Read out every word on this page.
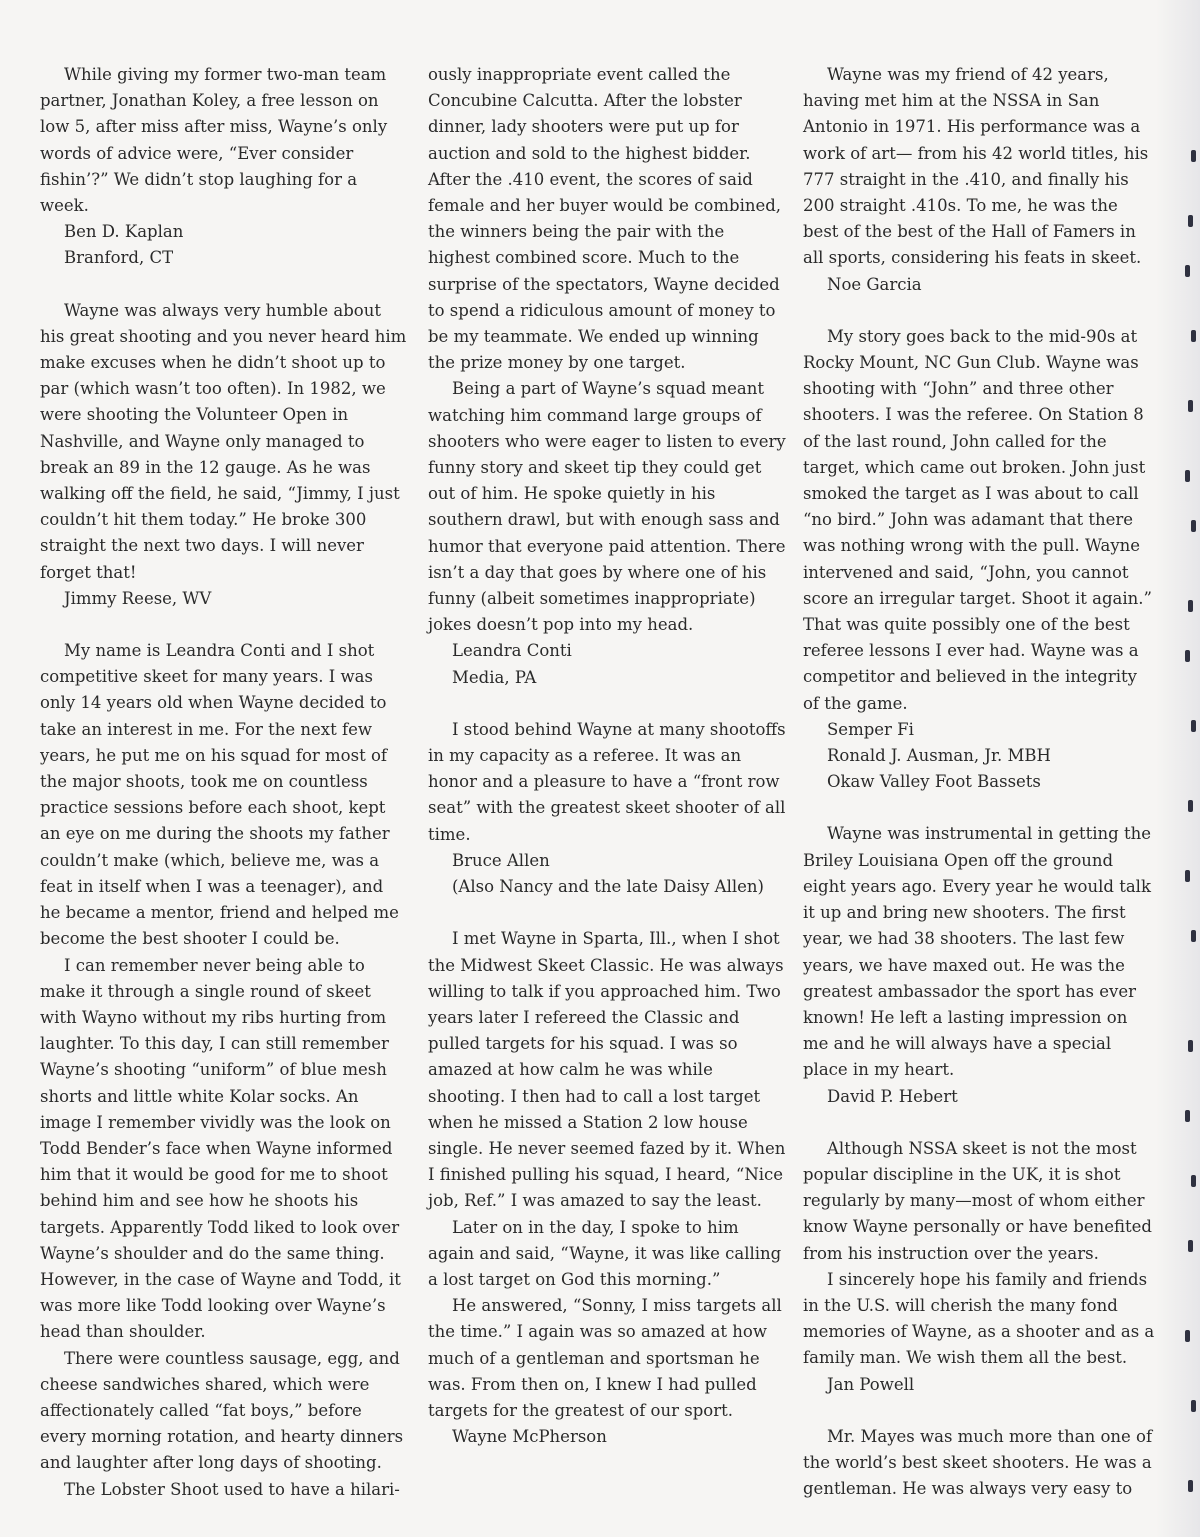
While giving my former two-man team partner, Jonathan Koley, a free lesson on low 5, after miss after miss, Wayne’s only words of advice were, “Ever consider fishin’?” We didn’t stop laughing for a week.
Ben D. Kaplan
Branford, CT
Wayne was always very humble about his great shooting and you never heard him make excuses when he didn’t shoot up to par (which wasn’t too often). In 1982, we were shooting the Volunteer Open in Nashville, and Wayne only managed to break an 89 in the 12 gauge. As he was walking off the field, he said, “Jimmy, I just couldn’t hit them today.” He broke 300 straight the next two days. I will never forget that!
Jimmy Reese, WV
My name is Leandra Conti and I shot competitive skeet for many years. I was only 14 years old when Wayne decided to take an interest in me. For the next few years, he put me on his squad for most of the major shoots, took me on countless practice sessions before each shoot, kept an eye on me during the shoots my father couldn’t make (which, believe me, was a feat in itself when I was a teenager), and he became a mentor, friend and helped me become the best shooter I could be.
I can remember never being able to make it through a single round of skeet with Wayno without my ribs hurting from laughter. To this day, I can still remember Wayne’s shooting “uniform” of blue mesh shorts and little white Kolar socks. An image I remember vividly was the look on Todd Bender’s face when Wayne informed him that it would be good for me to shoot behind him and see how he shoots his targets. Apparently Todd liked to look over Wayne’s shoulder and do the same thing. However, in the case of Wayne and Todd, it was more like Todd looking over Wayne’s head than shoulder.
There were countless sausage, egg, and cheese sandwiches shared, which were affectionately called “fat boys,” before every morning rotation, and hearty dinners and laughter after long days of shooting.
The Lobster Shoot used to have a hilari-
ously inappropriate event called the Concubine Calcutta. After the lobster dinner, lady shooters were put up for auction and sold to the highest bidder. After the .410 event, the scores of said female and her buyer would be combined, the winners being the pair with the highest combined score. Much to the surprise of the spectators, Wayne decided to spend a ridiculous amount of money to be my teammate. We ended up winning the prize money by one target.
Being a part of Wayne’s squad meant watching him command large groups of shooters who were eager to listen to every funny story and skeet tip they could get out of him. He spoke quietly in his southern drawl, but with enough sass and humor that everyone paid attention. There isn’t a day that goes by where one of his funny (albeit sometimes inappropriate) jokes doesn’t pop into my head.
Leandra Conti
Media, PA
I stood behind Wayne at many shootoffs in my capacity as a referee. It was an honor and a pleasure to have a “front row seat” with the greatest skeet shooter of all time.
Bruce Allen
(Also Nancy and the late Daisy Allen)
I met Wayne in Sparta, Ill., when I shot the Midwest Skeet Classic. He was always willing to talk if you approached him. Two years later I refereed the Classic and pulled targets for his squad. I was so amazed at how calm he was while shooting. I then had to call a lost target when he missed a Station 2 low house single. He never seemed fazed by it. When I finished pulling his squad, I heard, “Nice job, Ref.” I was amazed to say the least.
Later on in the day, I spoke to him again and said, “Wayne, it was like calling a lost target on God this morning.”
He answered, “Sonny, I miss targets all the time.” I again was so amazed at how much of a gentleman and sportsman he was. From then on, I knew I had pulled targets for the greatest of our sport.
Wayne McPherson
Wayne was my friend of 42 years, having met him at the NSSA in San Antonio in 1971. His performance was a work of art— from his 42 world titles, his 777 straight in the .410, and finally his 200 straight .410s. To me, he was the best of the best of the Hall of Famers in all sports, considering his feats in skeet.
Noe Garcia
My story goes back to the mid-90s at Rocky Mount, NC Gun Club. Wayne was shooting with “John” and three other shooters. I was the referee. On Station 8 of the last round, John called for the target, which came out broken. John just smoked the target as I was about to call “no bird.” John was adamant that there was nothing wrong with the pull. Wayne intervened and said, “John, you cannot score an irregular target. Shoot it again.” That was quite possibly one of the best referee lessons I ever had. Wayne was a competitor and believed in the integrity of the game.
Semper Fi
Ronald J. Ausman, Jr. MBH
Okaw Valley Foot Bassets
Wayne was instrumental in getting the Briley Louisiana Open off the ground eight years ago. Every year he would talk it up and bring new shooters. The first year, we had 38 shooters. The last few years, we have maxed out. He was the greatest ambassador the sport has ever known! He left a lasting impression on me and he will always have a special place in my heart.
David P. Hebert
Although NSSA skeet is not the most popular discipline in the UK, it is shot regularly by many—most of whom either know Wayne personally or have benefited from his instruction over the years.
I sincerely hope his family and friends in the U.S. will cherish the many fond memories of Wayne, as a shooter and as a family man. We wish them all the best.
Jan Powell
Mr. Mayes was much more than one of the world’s best skeet shooters. He was a gentleman. He was always very easy to
